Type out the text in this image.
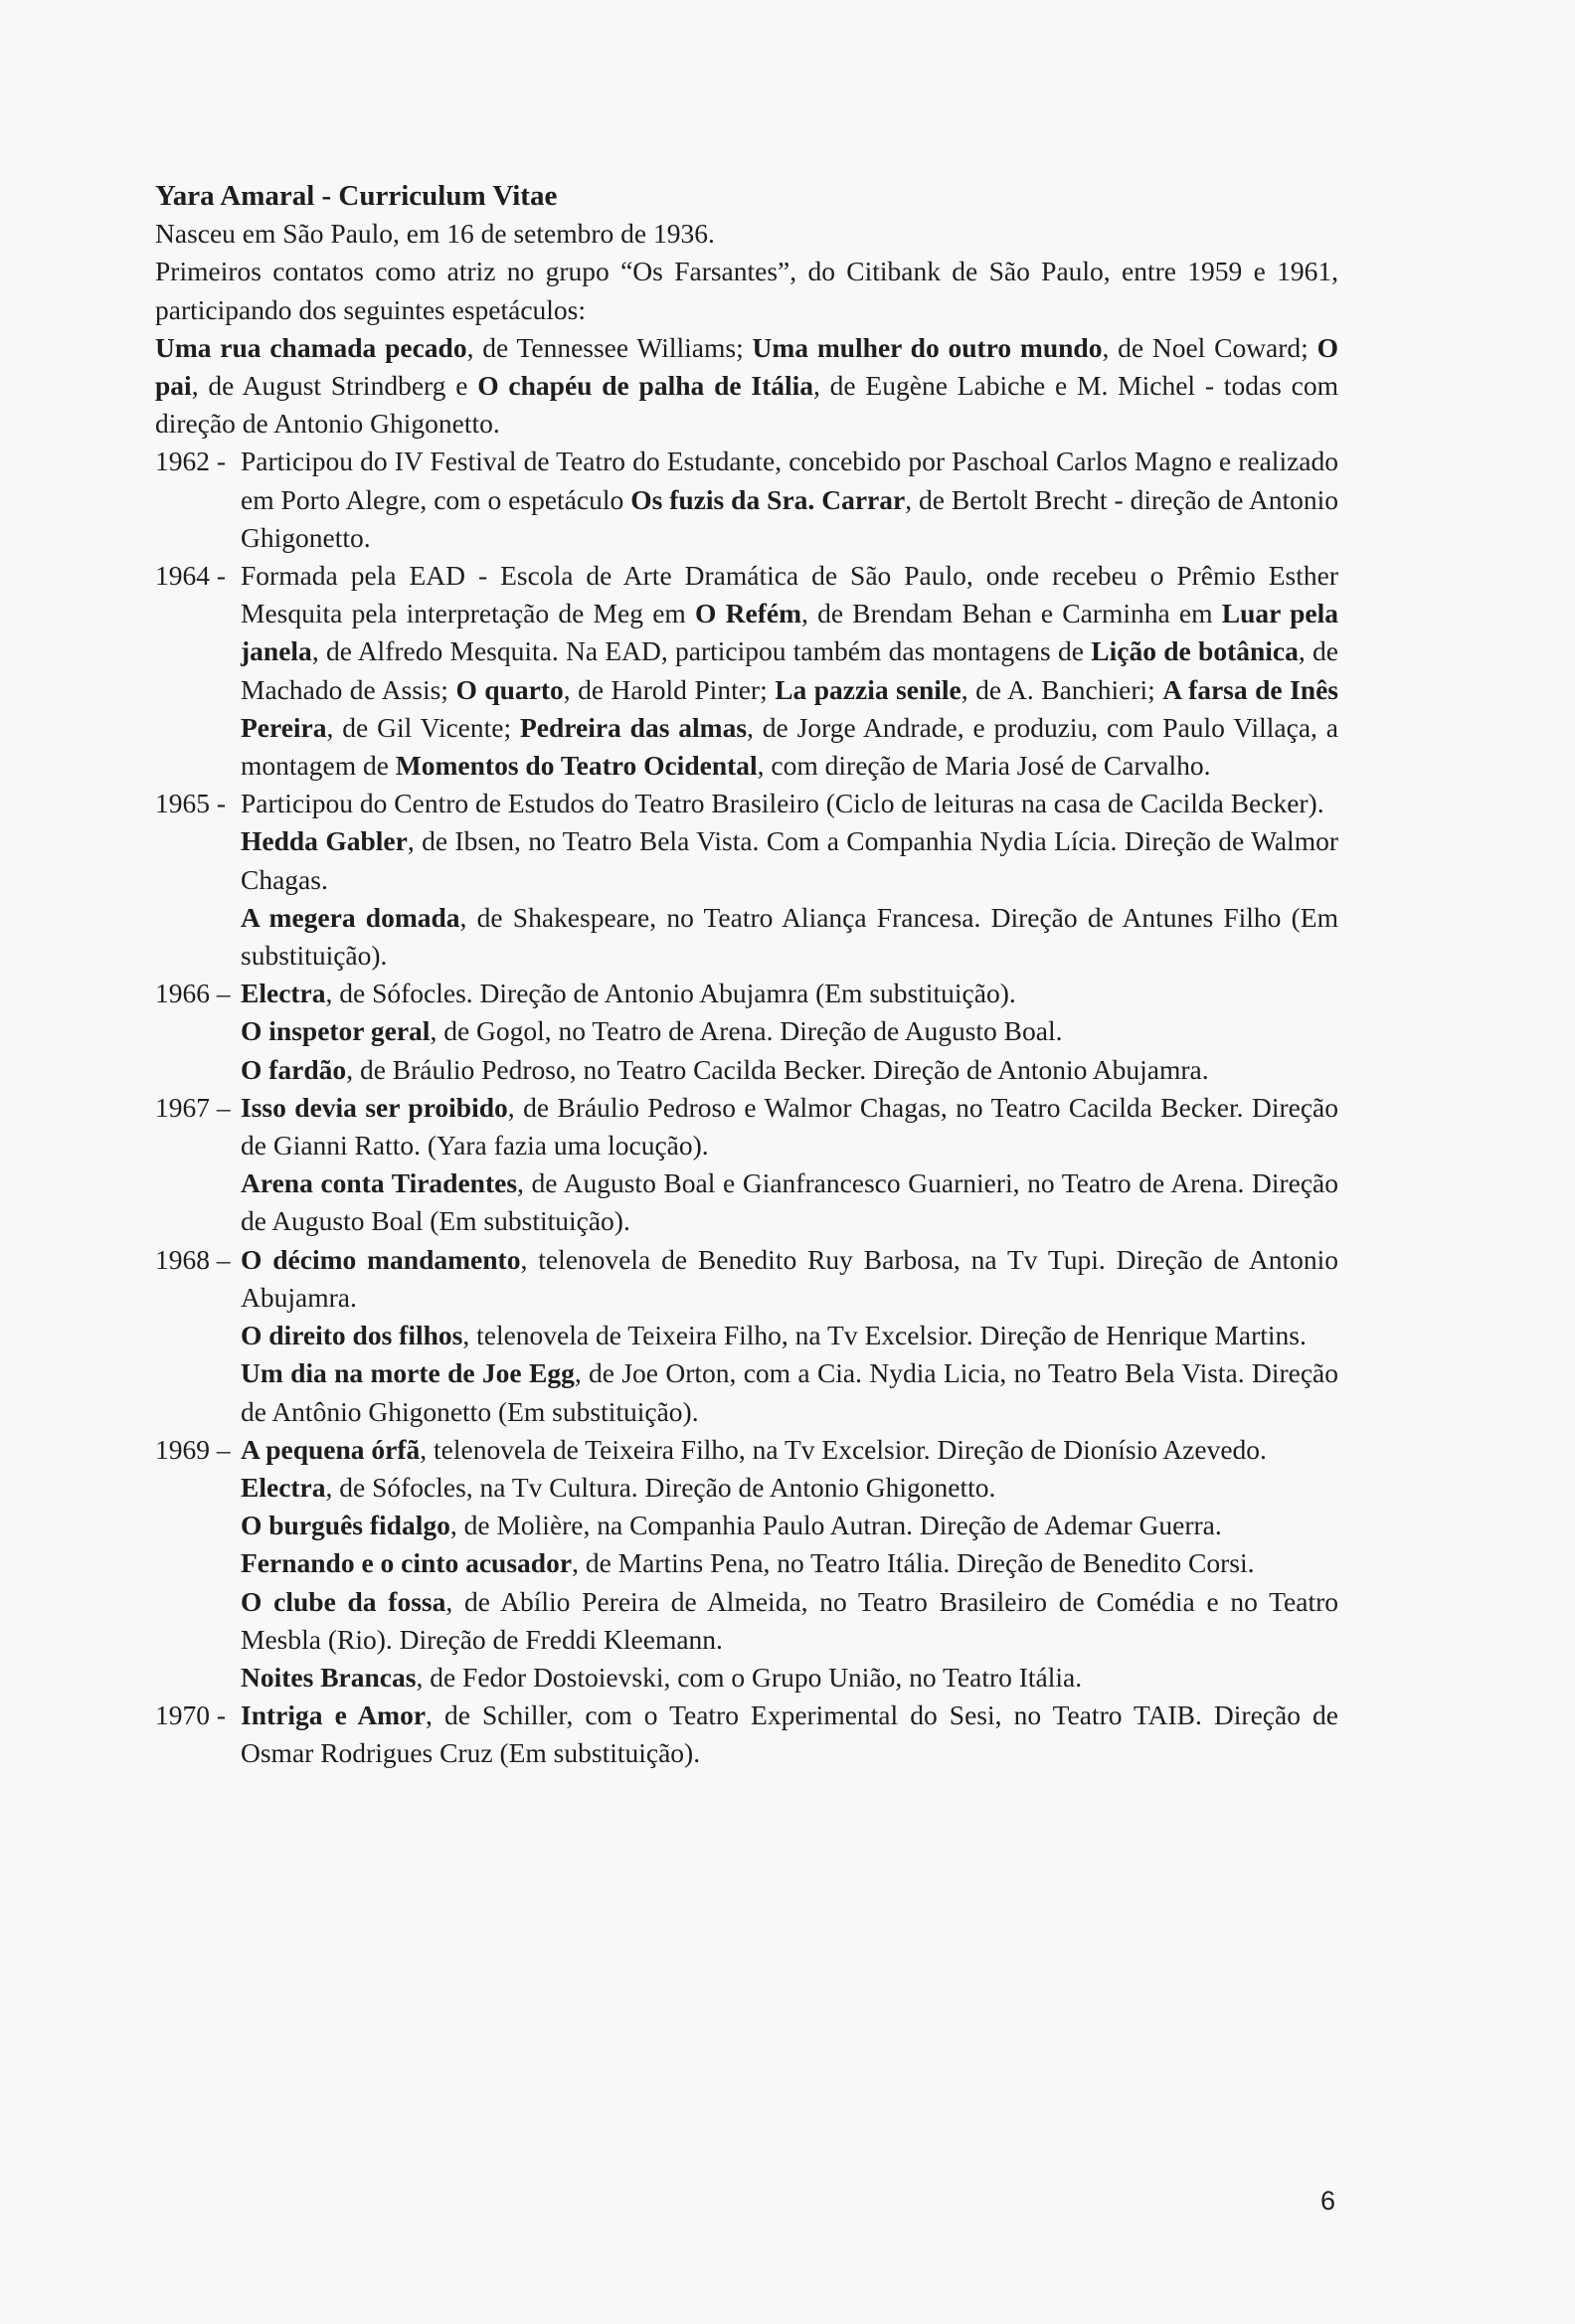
Yara Amaral - Curriculum Vitae

Nasceu em São Paulo, em 16 de setembro de 1936.

Primeiros contatos como atriz no grupo “Os Farsantes”, do Citibank de São Paulo, entre 1959 e 1961, participando dos seguintes espetáculos:

Uma rua chamada pecado, de Tennessee Williams; Uma mulher do outro mundo, de Noel Coward; O pai, de August Strindberg e O chapéu de palha de Itália, de Eugène Labiche e M. Michel - todas com direção de Antonio Ghigonetto.

1962 - Participou do IV Festival de Teatro do Estudante, concebido por Paschoal Carlos Magno e realizado em Porto Alegre, com o espetáculo Os fuzis da Sra. Carrar, de Bertolt Brecht - direção de Antonio Ghigonetto.
1964 - Formada pela EAD - Escola de Arte Dramática de São Paulo, onde recebeu o Prêmio Esther Mesquita pela interpretação de Meg em O Refém, de Brendam Behan e Carminha em Luar pela janela, de Alfredo Mesquita. Na EAD, participou também das montagens de Lição de botânica, de Machado de Assis; O quarto, de Harold Pinter; La pazzia senile, de A. Banchieri; A farsa de Inês Pereira, de Gil Vicente; Pedreira das almas, de Jorge Andrade, e produziu, com Paulo Villaça, a montagem de Momentos do Teatro Ocidental, com direção de Maria José de Carvalho.
1965 - Participou do Centro de Estudos do Teatro Brasileiro (Ciclo de leituras na casa de Cacilda Becker).

Hedda Gabler, de Ibsen, no Teatro Bela Vista. Com a Companhia Nydia Lícia. Direção de Walmor Chagas.

A megera domada, de Shakespeare, no Teatro Aliança Francesa. Direção de Antunes Filho (Em substituição).

1966 – Electra, de Sófocles. Direção de Antonio Abujamra (Em substituição).

O inspetor geral, de Gogol, no Teatro de Arena. Direção de Augusto Boal.

O fardão, de Bráulio Pedroso, no Teatro Cacilda Becker. Direção de Antonio Abujamra.

1967 – Isso devia ser proibido, de Bráulio Pedroso e Walmor Chagas, no Teatro Cacilda Becker. Direção de Gianni Ratto. (Yara fazia uma locução).

Arena conta Tiradentes, de Augusto Boal e Gianfrancesco Guarnieri, no Teatro de Arena. Direção de Augusto Boal (Em substituição).

1968 – O décimo mandamento, telenovela de Benedito Ruy Barbosa, na Tv Tupi. Direção de Antonio Abujamra.

O direito dos filhos, telenovela de Teixeira Filho, na Tv Excelsior. Direção de Henrique Martins.

Um dia na morte de Joe Egg, de Joe Orton, com a Cia. Nydia Licia, no Teatro Bela Vista. Direção de Antônio Ghigonetto (Em substituição).

1969 – A pequena órfã, telenovela de Teixeira Filho, na Tv Excelsior. Direção de Dionísio Azevedo.

Electra, de Sófocles, na Tv Cultura. Direção de Antonio Ghigonetto.

O burguês fidalgo, de Molière, na Companhia Paulo Autran. Direção de Ademar Guerra.

Fernando e o cinto acusador, de Martins Pena, no Teatro Itália. Direção de Benedito Corsi.

O clube da fossa, de Abílio Pereira de Almeida, no Teatro Brasileiro de Comédia e no Teatro Mesbla (Rio). Direção de Freddi Kleemann.

Noites Brancas, de Fedor Dostoievski, com o Grupo União, no Teatro Itália.

1970 - Intriga e Amor, de Schiller, com o Teatro Experimental do Sesi, no Teatro TAIB. Direção de Osmar Rodrigues Cruz (Em substituição).
6
